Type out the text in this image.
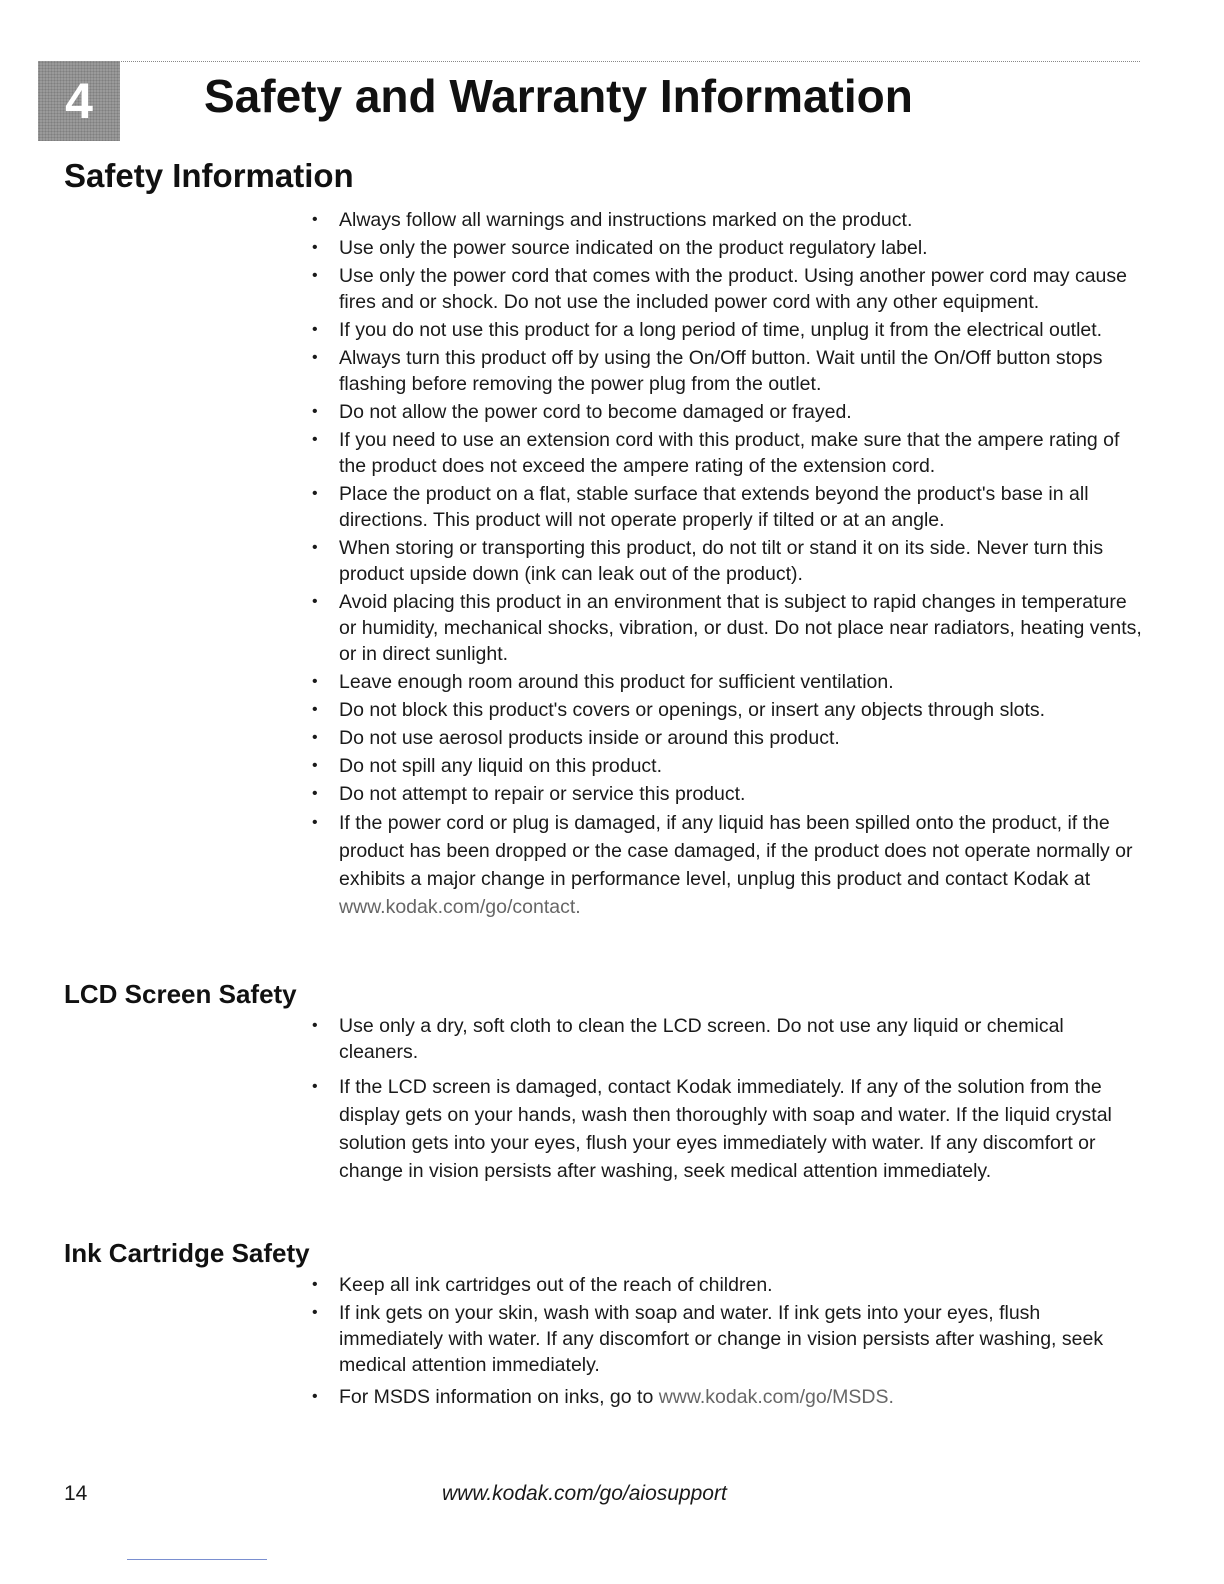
4	Safety and Warranty Information
Safety Information
• Always follow all warnings and instructions marked on the product.
• Use only the power source indicated on the product regulatory label.
• Use only the power cord that comes with the product. Using another power cord may cause fires and or shock. Do not use the included power cord with any other equipment.
• If you do not use this product for a long period of time, unplug it from the electrical outlet.
• Always turn this product off by using the On/Off button. Wait until the On/Off button stops flashing before removing the power plug from the outlet.
• Do not allow the power cord to become damaged or frayed.
• If you need to use an extension cord with this product, make sure that the ampere rating of the product does not exceed the ampere rating of the extension cord.
• Place the product on a flat, stable surface that extends beyond the product's base in all directions. This product will not operate properly if tilted or at an angle.
• When storing or transporting this product, do not tilt or stand it on its side. Never turn this product upside down (ink can leak out of the product).
• Avoid placing this product in an environment that is subject to rapid changes in temperature or humidity, mechanical shocks, vibration, or dust. Do not place near radiators, heating vents, or in direct sunlight.
• Leave enough room around this product for sufficient ventilation.
• Do not block this product's covers or openings, or insert any objects through slots.
• Do not use aerosol products inside or around this product.
• Do not spill any liquid on this product.
• Do not attempt to repair or service this product.
• If the power cord or plug is damaged, if any liquid has been spilled onto the product, if the product has been dropped or the case damaged, if the product does not operate normally or exhibits a major change in performance level, unplug this product and contact Kodak at www.kodak.com/go/contact.
LCD Screen Safety
• Use only a dry, soft cloth to clean the LCD screen. Do not use any liquid or chemical cleaners.
• If the LCD screen is damaged, contact Kodak immediately. If any of the solution from the display gets on your hands, wash then thoroughly with soap and water. If the liquid crystal solution gets into your eyes, flush your eyes immediately with water. If any discomfort or change in vision persists after washing, seek medical attention immediately.
Ink Cartridge Safety
• Keep all ink cartridges out of the reach of children.
• If ink gets on your skin, wash with soap and water. If ink gets into your eyes, flush immediately with water. If any discomfort or change in vision persists after washing, seek medical attention immediately.
• For MSDS information on inks, go to www.kodak.com/go/MSDS.
14	www.kodak.com/go/aiosupport
